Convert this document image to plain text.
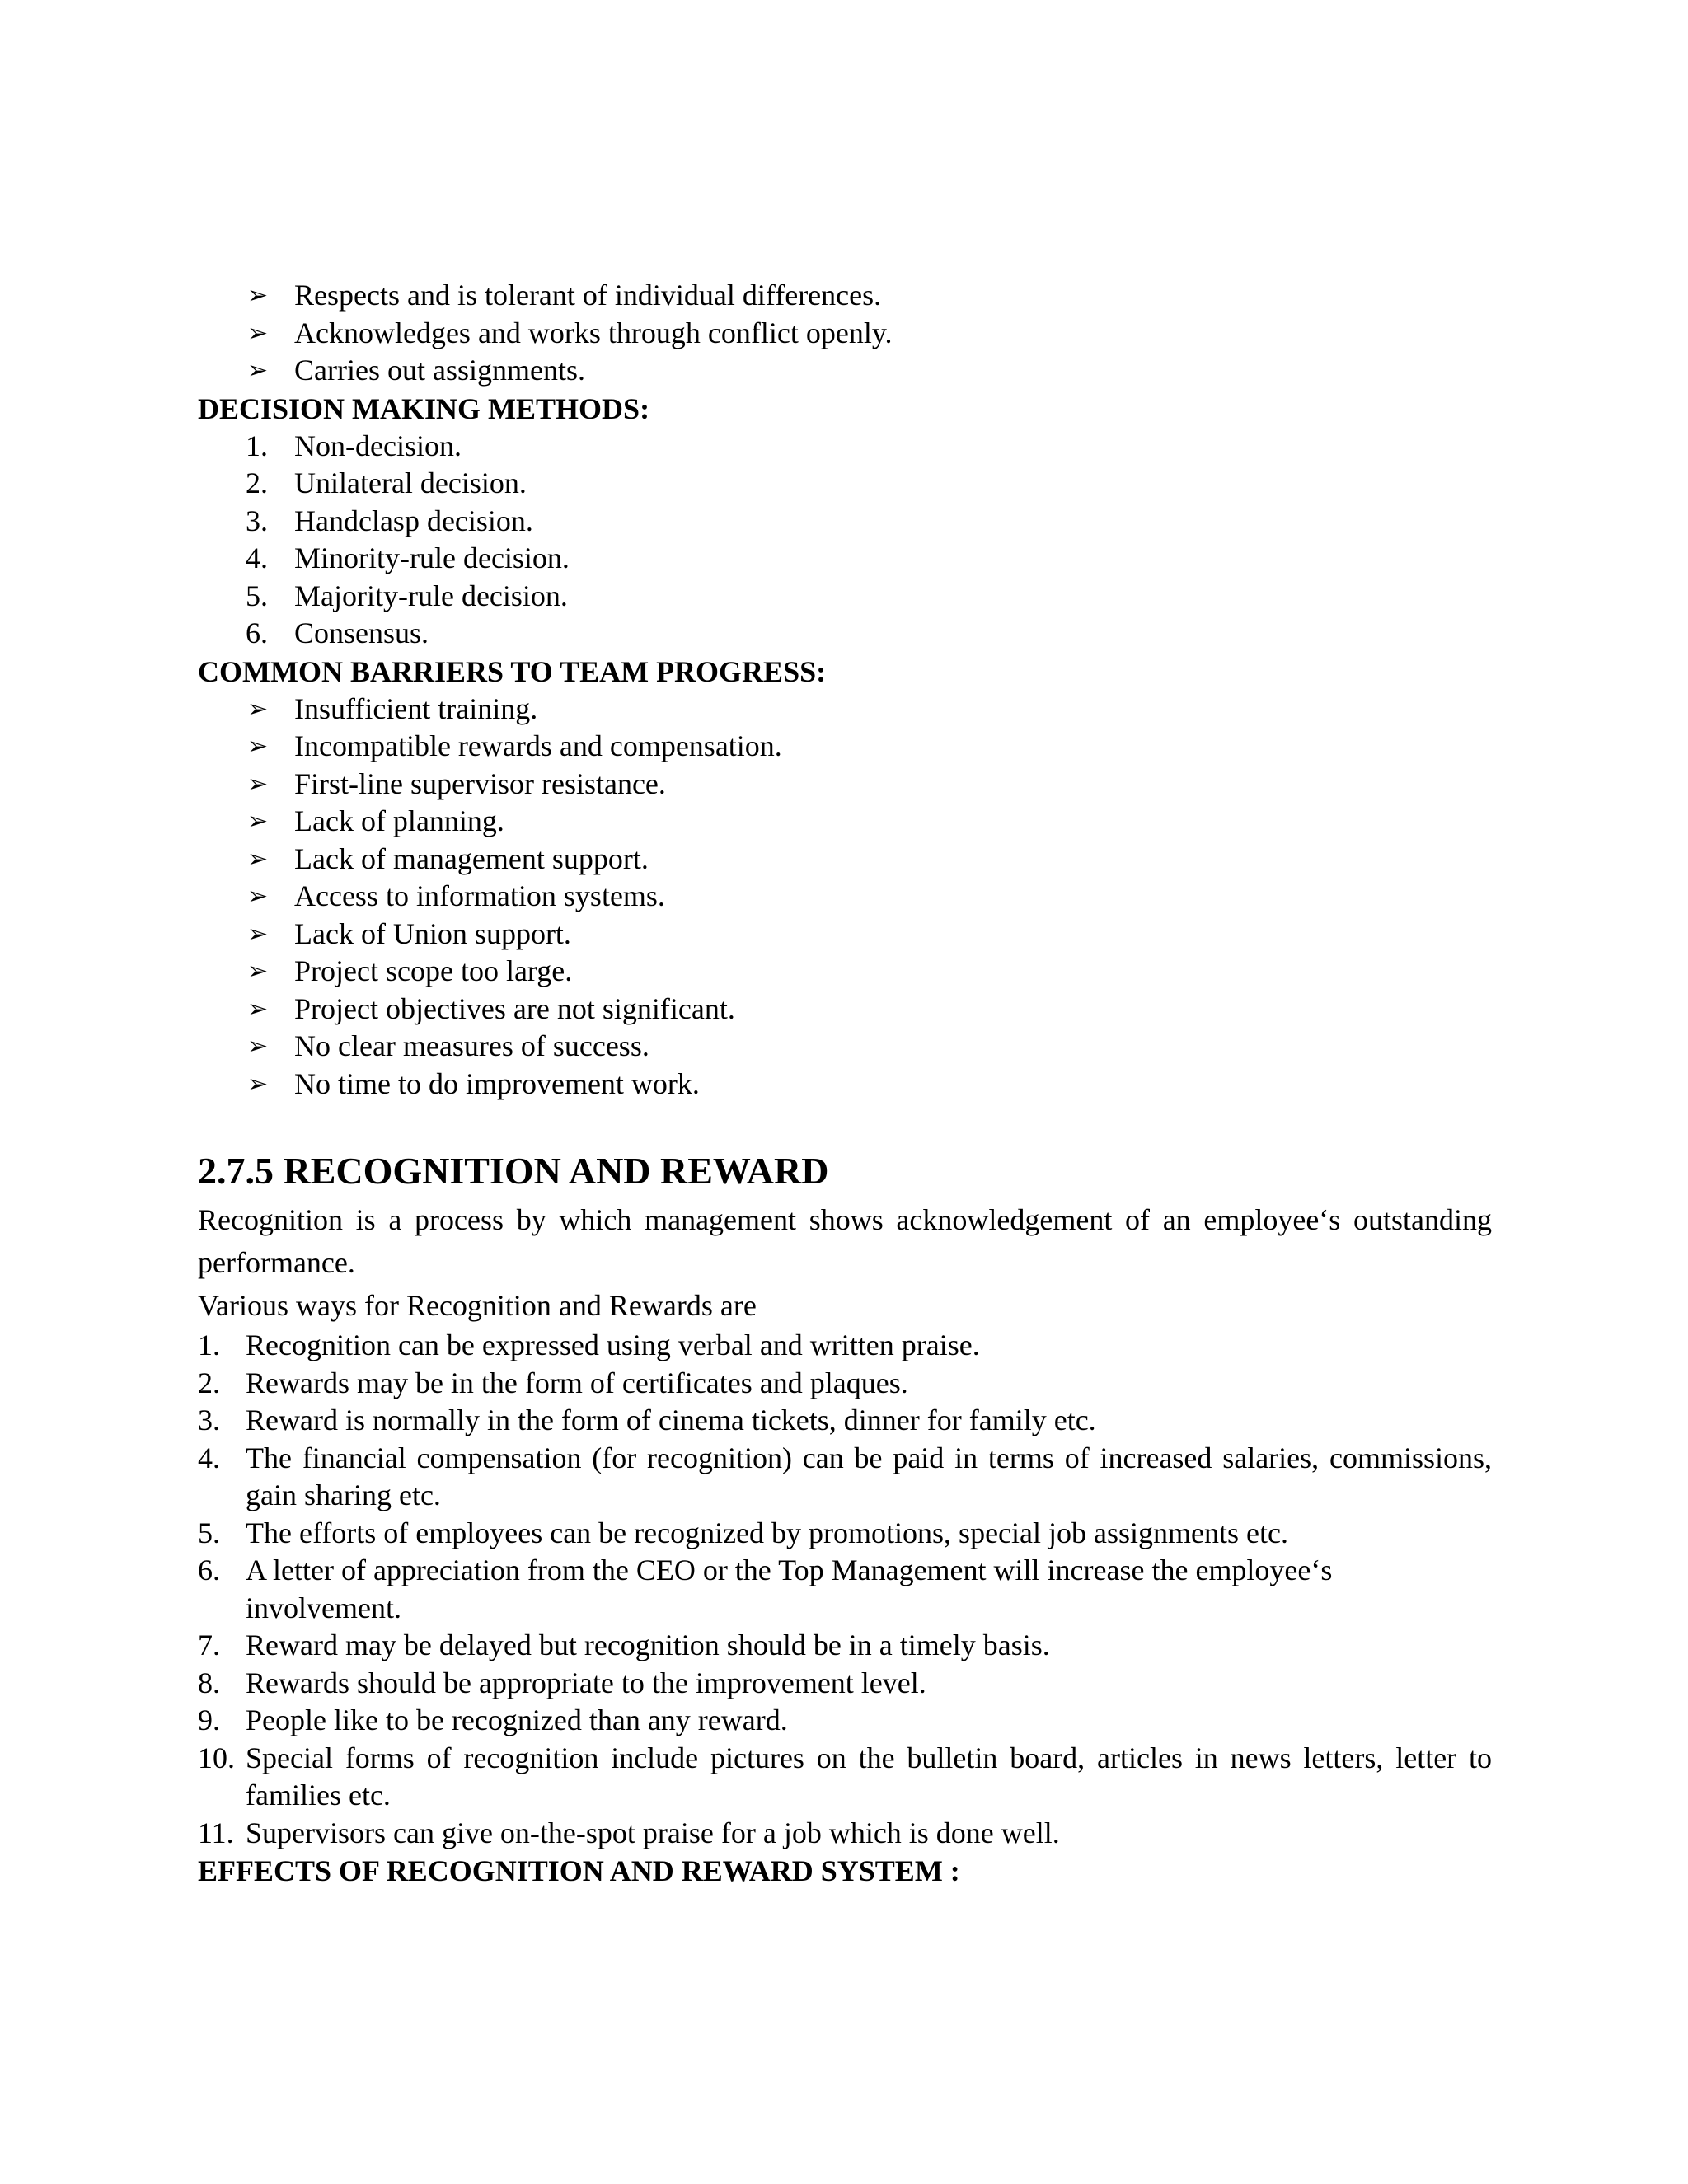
➢ Respects and is tolerant of individual differences.
➢ Acknowledges and works through conflict openly.
➢ Carries out assignments.

DECISION MAKING METHODS:

1. Non-decision.
2. Unilateral decision.
3. Handclasp decision.
4. Minority-rule decision.
5. Majority-rule decision.
6. Consensus.

COMMON BARRIERS TO TEAM PROGRESS:

➢ Insufficient training.
➢ Incompatible rewards and compensation.
➢ First-line supervisor resistance.
➢ Lack of planning.
➢ Lack of management support.
➢ Access to information systems.
➢ Lack of Union support.
➢ Project scope too large.
➢ Project objectives are not significant.
➢ No clear measures of success.
➢ No time to do improvement work.
2.7.5 RECOGNITION AND REWARD

Recognition is a process by which management shows acknowledgement of an employee‘s outstanding performance.

Various ways for Recognition and Rewards are

1. Recognition can be expressed using verbal and written praise.
2. Rewards may be in the form of certificates and plaques.
3. Reward is normally in the form of cinema tickets, dinner for family etc.
4. The financial compensation (for recognition) can be paid in terms of increased salaries, commissions, gain sharing etc.
5. The efforts of employees can be recognized by promotions, special job assignments etc.
6. A letter of appreciation from the CEO or the Top Management will increase the employee‘s involvement.
7. Reward may be delayed but recognition should be in a timely basis.
8. Rewards should be appropriate to the improvement level.
9. People like to be recognized than any reward.
10. Special forms of recognition include pictures on the bulletin board, articles in news letters, letter to families etc.
11. Supervisors can give on-the-spot praise for a job which is done well.

EFFECTS OF RECOGNITION AND REWARD SYSTEM :
